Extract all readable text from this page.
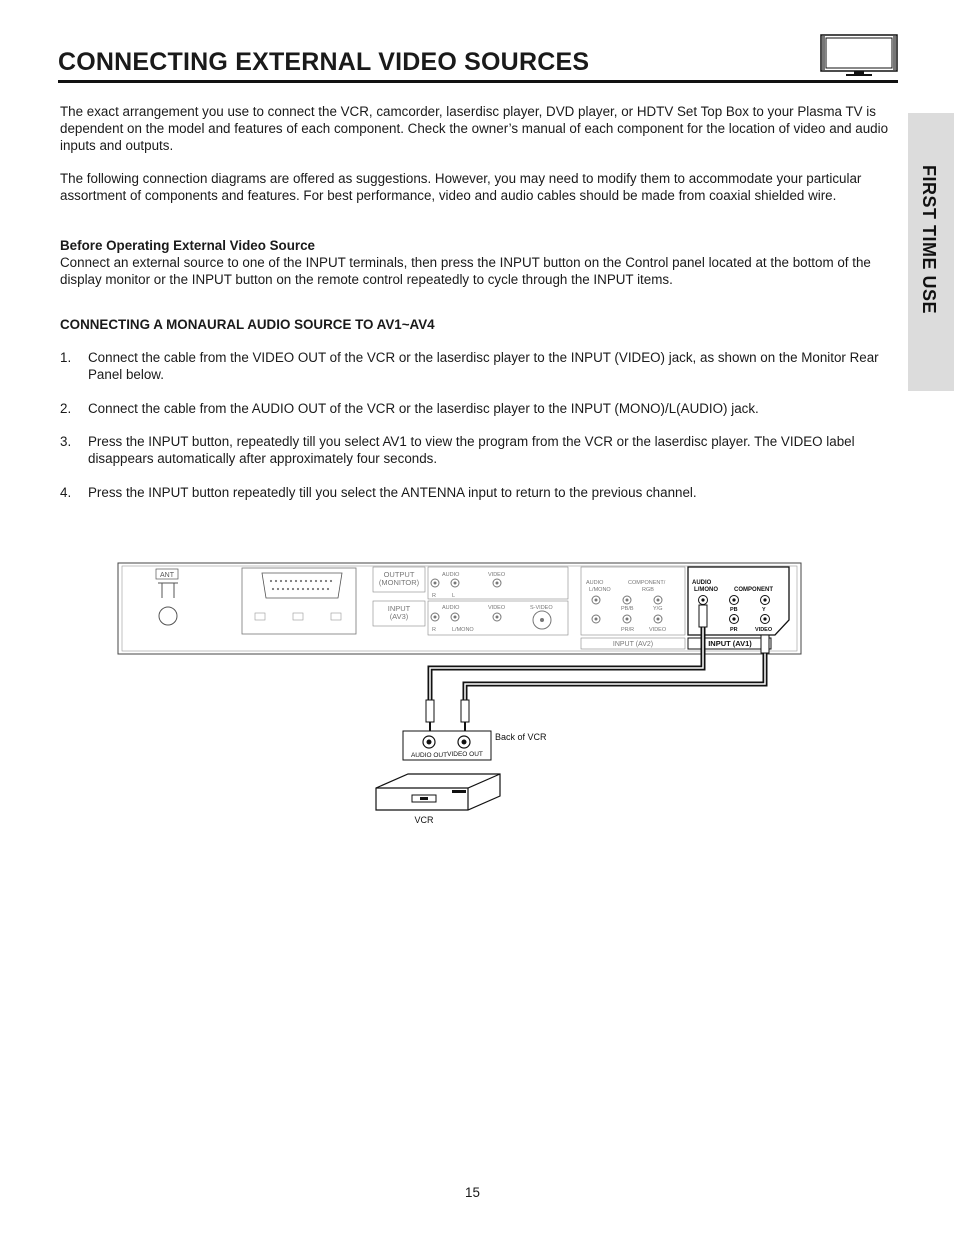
CONNECTING EXTERNAL VIDEO SOURCES
FIRST TIME USE

The exact arrangement you use to connect the VCR, camcorder, laserdisc player, DVD player, or HDTV Set Top Box to your Plasma TV is dependent on the model and features of each component. Check the owner’s manual of each component for the location of video and audio inputs and outputs.

The following connection diagrams are offered as suggestions. However, you may need to modify them to accommodate your particular assortment of components and features. For best performance, video and audio cables should be made from coaxial shielded wire.

Before Operating External Video Source

Connect an external source to one of the INPUT terminals, then press the INPUT button on the Control panel located at the bottom of the display monitor or the INPUT button on the remote control repeatedly to cycle through the INPUT items.

CONNECTING A MONAURAL AUDIO SOURCE TO AV1~AV4

1. Connect the cable from the VIDEO OUT of the VCR or the laserdisc player to the INPUT (VIDEO) jack, as shown on the Monitor Rear Panel below.
2. Connect the cable from the AUDIO OUT of the VCR or the laserdisc player to the INPUT (MONO)/L(AUDIO) jack.
3. Press the INPUT button, repeatedly till you select AV1 to view the program from the VCR or the laserdisc player. The VIDEO label disappears automatically after approximately four seconds.
4. Press the INPUT button repeatedly till you select the ANTENNA input to return to the previous channel.
ANT	OUTPUT
(MONITOR)
AUDIO	VIDEO
R	L
INPUT
(AV3)
AUDIO	VIDEO	S-VIDEO
R	L/MONO
AUDIO
L/MONO
COMPONENT/
RGB
PB/B	Y/G
PR/R	VIDEO
INPUT (AV2)
AUDIO
L/MONO	COMPONENT
PB	Y
PR	VIDEO
INPUT (AV1)
AUDIO OUT VIDEO OUT
Back of VCR
VCR
15
